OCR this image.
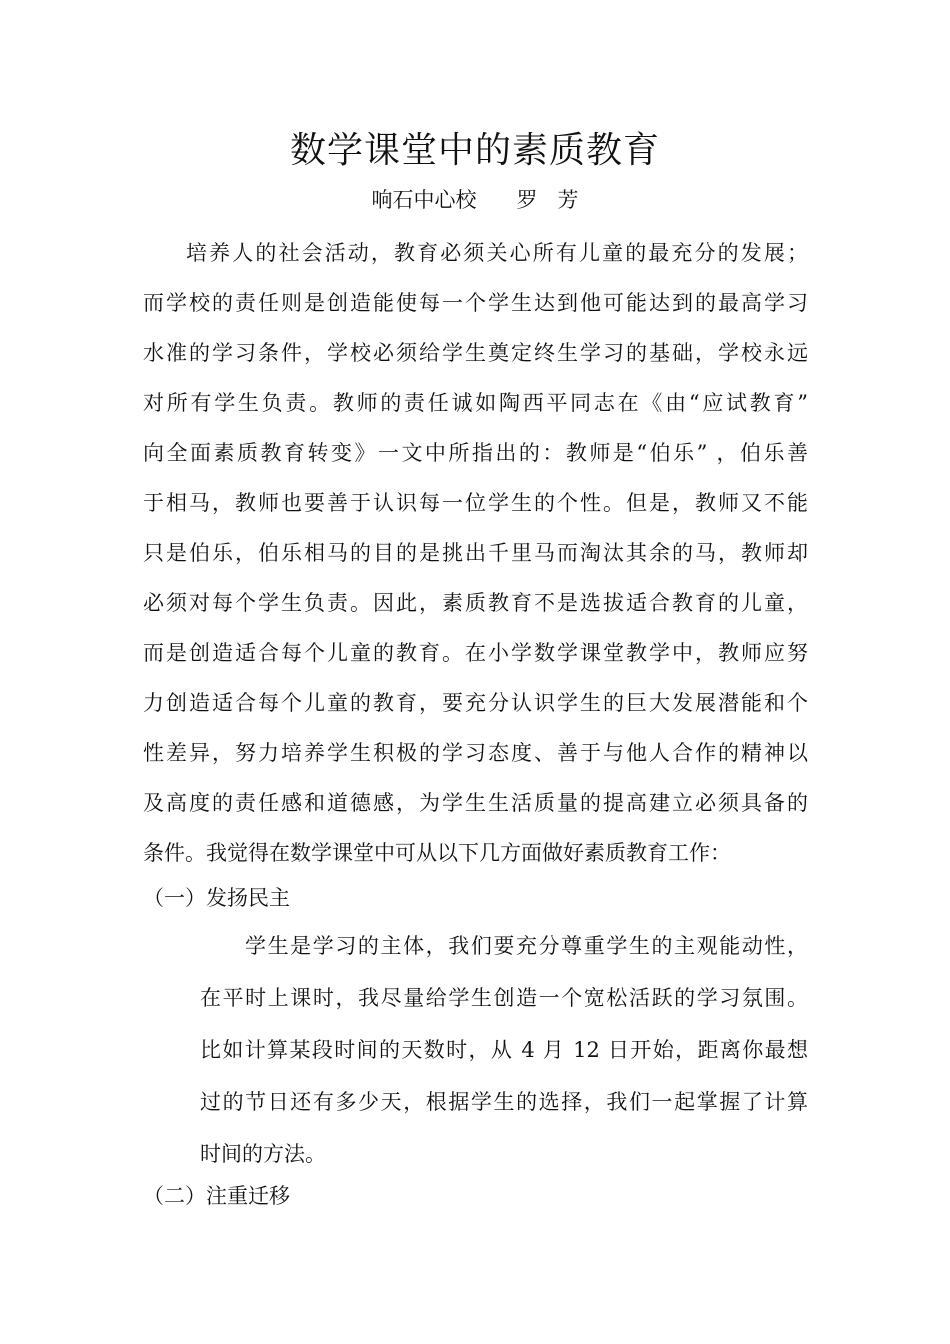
数学课堂中的素质教育

响石中心校      罗   芳

培养人的社会活动，教育必须关心所有儿童的最充分的发展；
而学校的责任则是创造能使每一个学生达到他可能达到的最高学习
水准的学习条件，学校必须给学生奠定终生学习的基础，学校永远
对所有学生负责。教师的责任诚如陶西平同志在《由“应试教育”
向全面素质教育转变》一文中所指出的：教师是“伯乐” ，伯乐善
于相马，教师也要善于认识每一位学生的个性。但是，教师又不能
只是伯乐，伯乐相马的目的是挑出千里马而淘汰其余的马，教师却
必须对每个学生负责。因此，素质教育不是选拔适合教育的儿童，
而是创造适合每个儿童的教育。在小学数学课堂教学中，教师应努
力创造适合每个儿童的教育，要充分认识学生的巨大发展潜能和个
性差异，努力培养学生积极的学习态度、善于与他人合作的精神以
及高度的责任感和道德感，为学生生活质量的提高建立必须具备的
条件。我觉得在数学课堂中可从以下几方面做好素质教育工作：

（一）发扬民主

学生是学习的主体，我们要充分尊重学生的主观能动性，
在平时上课时，我尽量给学生创造一个宽松活跃的学习氛围。
比如计算某段时间的天数时，从 4 月 12 日开始，距离你最想
过的节日还有多少天，根据学生的选择，我们一起掌握了计算
时间的方法。

（二）注重迁移
